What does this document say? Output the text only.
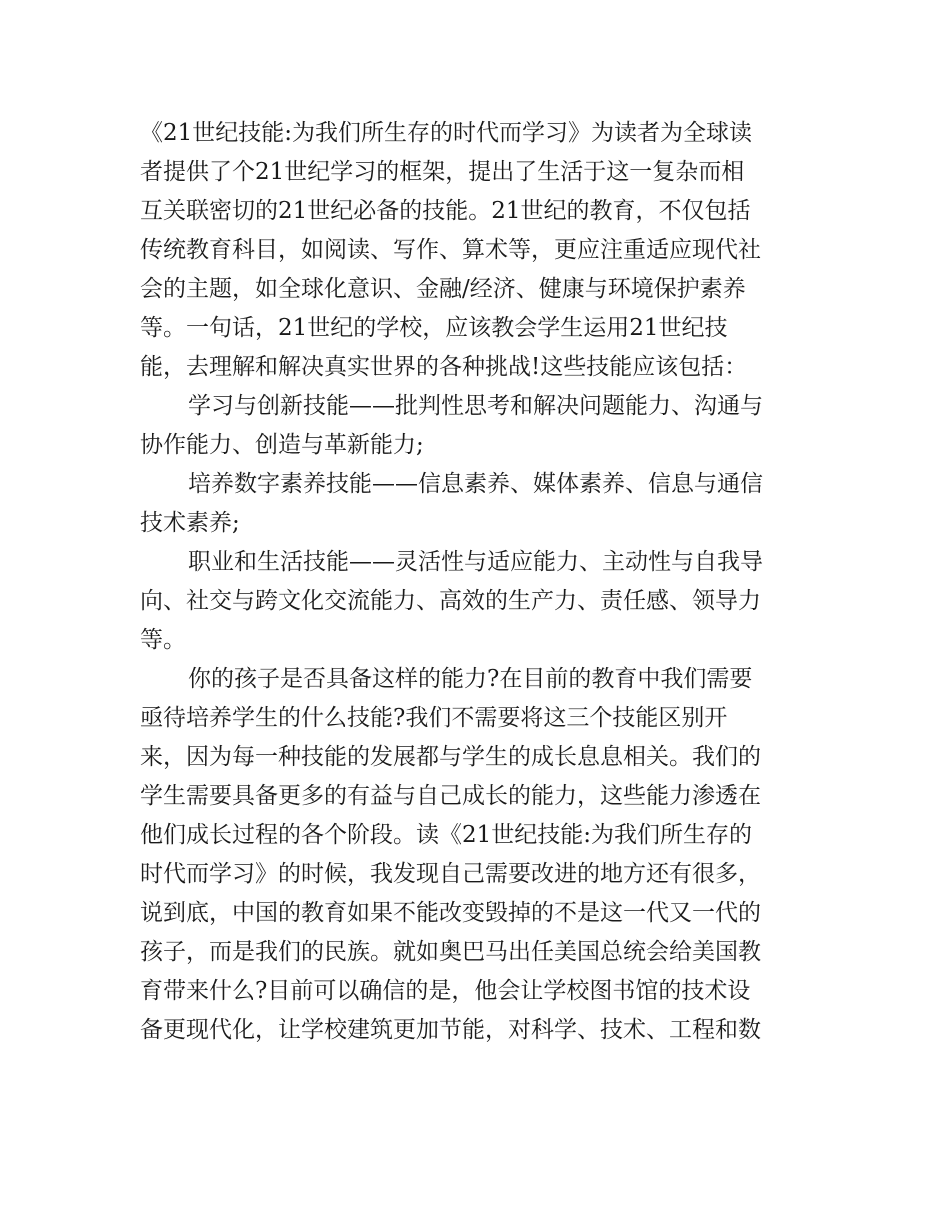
《21世纪技能:为我们所生存的时代而学习》为读者为全球读
者提供了个21世纪学习的框架，提出了生活于这一复杂而相
互关联密切的21世纪必备的技能。21世纪的教育，不仅包括
传统教育科目，如阅读、写作、算术等，更应注重适应现代社
会的主题，如全球化意识、金融/经济、健康与环境保护素养
等。一句话，21世纪的学校，应该教会学生运用21世纪技
能，去理解和解决真实世界的各种挑战!这些技能应该包括：
学习与创新技能——批判性思考和解决问题能力、沟通与
协作能力、创造与革新能力;
培养数字素养技能——信息素养、媒体素养、信息与通信
技术素养;
职业和生活技能——灵活性与适应能力、主动性与自我导
向、社交与跨文化交流能力、高效的生产力、责任感、领导力
等。
你的孩子是否具备这样的能力?在目前的教育中我们需要
亟待培养学生的什么技能?我们不需要将这三个技能区别开
来，因为每一种技能的发展都与学生的成长息息相关。我们的
学生需要具备更多的有益与自己成长的能力，这些能力渗透在
他们成长过程的各个阶段。读《21世纪技能:为我们所生存的
时代而学习》的时候，我发现自己需要改进的地方还有很多，
说到底，中国的教育如果不能改变毁掉的不是这一代又一代的
孩子，而是我们的民族。就如奥巴马出任美国总统会给美国教
育带来什么?目前可以确信的是，他会让学校图书馆的技术设
备更现代化，让学校建筑更加节能，对科学、技术、工程和数
